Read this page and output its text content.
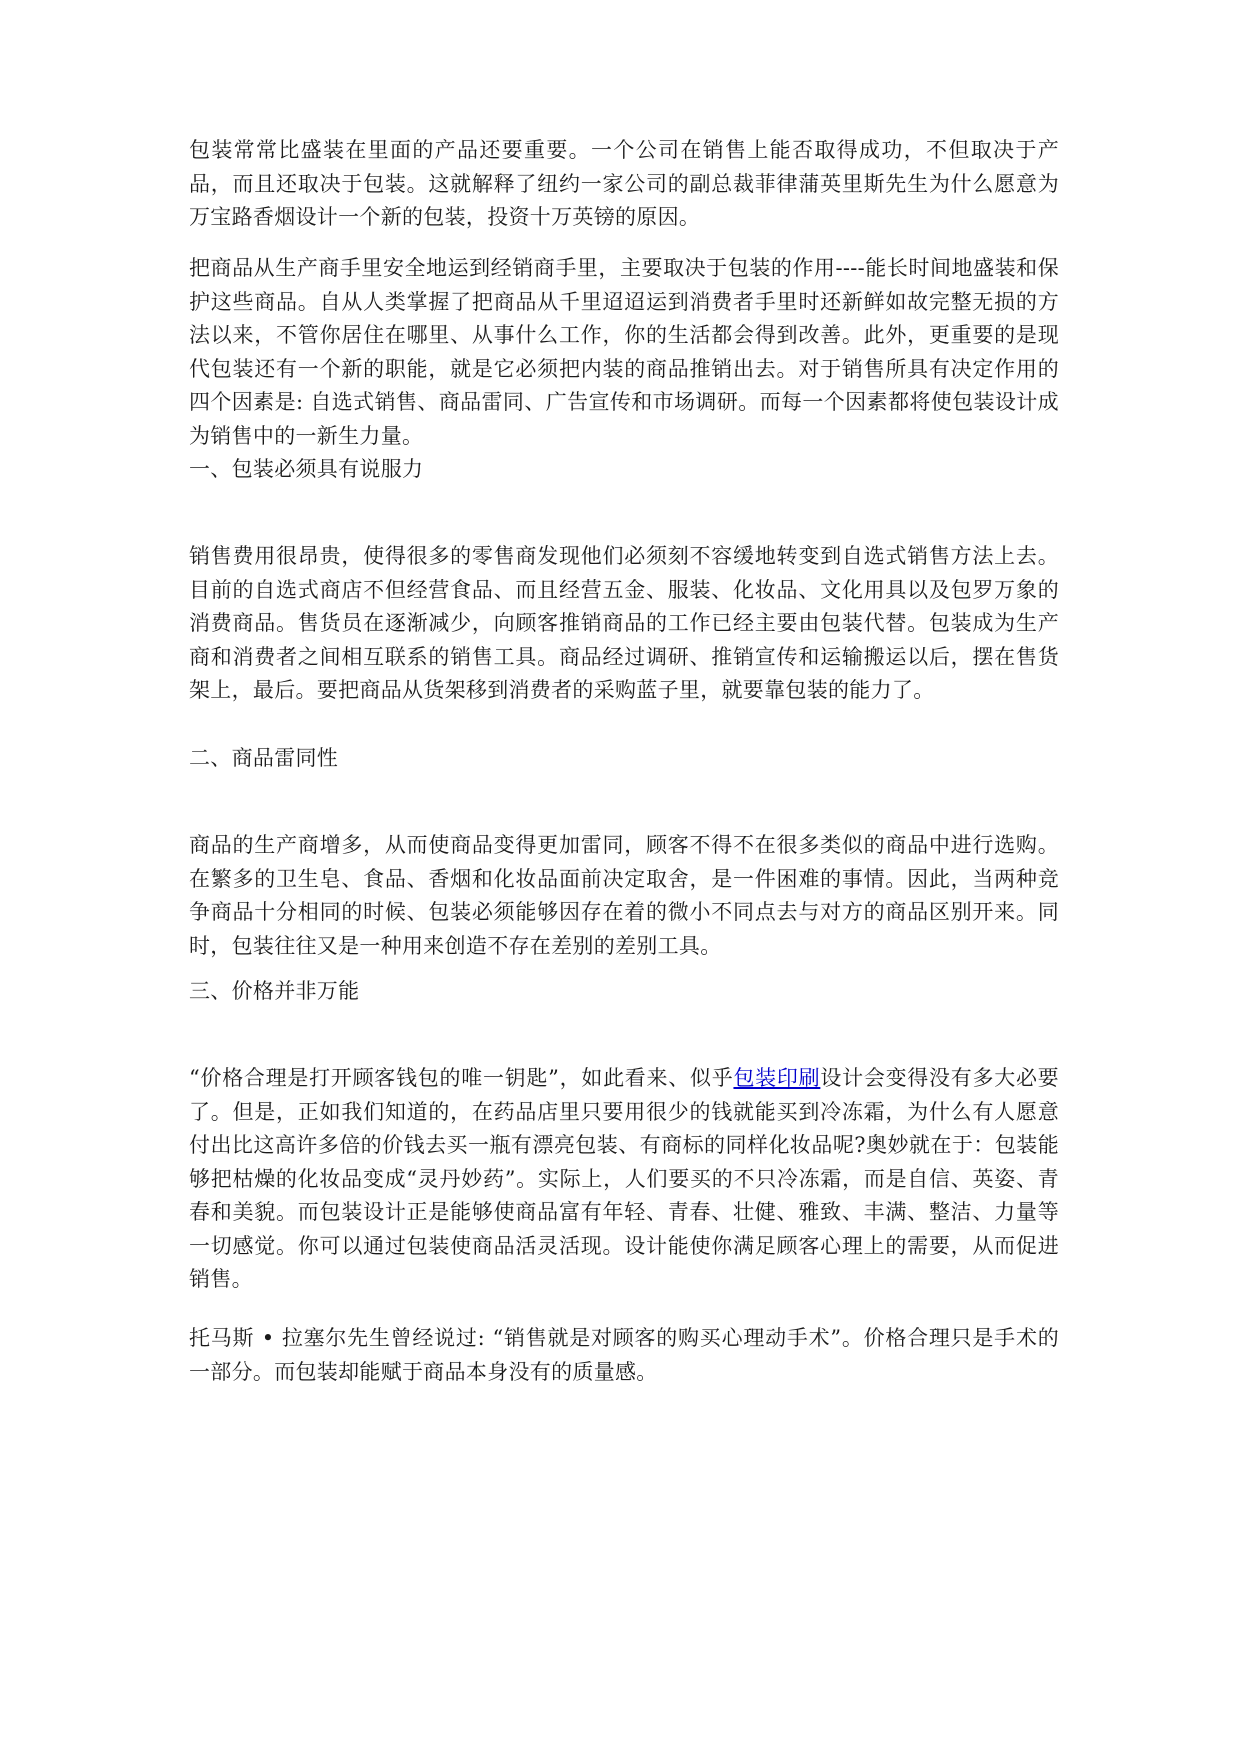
包装常常比盛装在里面的产品还要重要。一个公司在销售上能否取得成功，不但取决于产品，而且还取决于包装。这就解释了纽约一家公司的副总裁菲律蒲英里斯先生为什么愿意为万宝路香烟设计一个新的包装，投资十万英镑的原因。
把商品从生产商手里安全地运到经销商手里，主要取决于包装的作用----能长时间地盛装和保护这些商品。自从人类掌握了把商品从千里迢迢运到消费者手里时还新鲜如故完整无损的方法以来，不管你居住在哪里、从事什么工作，你的生活都会得到改善。此外，更重要的是现代包装还有一个新的职能，就是它必须把内装的商品推销出去。对于销售所具有决定作用的四个因素是: 自选式销售、商品雷同、广告宣传和市场调研。而每一个因素都将使包装设计成为销售中的一新生力量。
一、包装必须具有说服力
销售费用很昂贵，使得很多的零售商发现他们必须刻不容缓地转变到自选式销售方法上去。目前的自选式商店不但经营食品、而且经营五金、服装、化妆品、文化用具以及包罗万象的消费商品。售货员在逐渐减少，向顾客推销商品的工作已经主要由包装代替。包装成为生产商和消费者之间相互联系的销售工具。商品经过调研、推销宣传和运输搬运以后，摆在售货架上，最后。要把商品从货架移到消费者的采购蓝子里，就要靠包装的能力了。
二、商品雷同性
商品的生产商增多，从而使商品变得更加雷同，顾客不得不在很多类似的商品中进行选购。在繁多的卫生皂、食品、香烟和化妆品面前决定取舍，是一件困难的事情。因此，当两种竞争商品十分相同的时候、包装必须能够因存在着的微小不同点去与对方的商品区别开来。同时，包装往往又是一种用来创造不存在差别的差别工具。
三、价格并非万能
“价格合理是打开顾客钱包的唯一钥匙”，如此看来、似乎包装印刷设计会变得没有多大必要了。但是，正如我们知道的，在药品店里只要用很少的钱就能买到冷冻霜，为什么有人愿意付出比这高许多倍的价钱去买一瓶有漂亮包装、有商标的同样化妆品呢?奥妙就在于：包装能够把枯燥的化妆品变成“灵丹妙药”。实际上，人们要买的不只冷冻霜，而是自信、英姿、青春和美貌。而包装设计正是能够使商品富有年轻、青春、壮健、雅致、丰满、整洁、力量等一切感觉。你可以通过包装使商品活灵活现。设计能使你满足顾客心理上的需要，从而促进销售。
托马斯 • 拉塞尔先生曾经说过: “销售就是对顾客的购买心理动手术”。价格合理只是手术的一部分。而包装却能赋于商品本身没有的质量感。
